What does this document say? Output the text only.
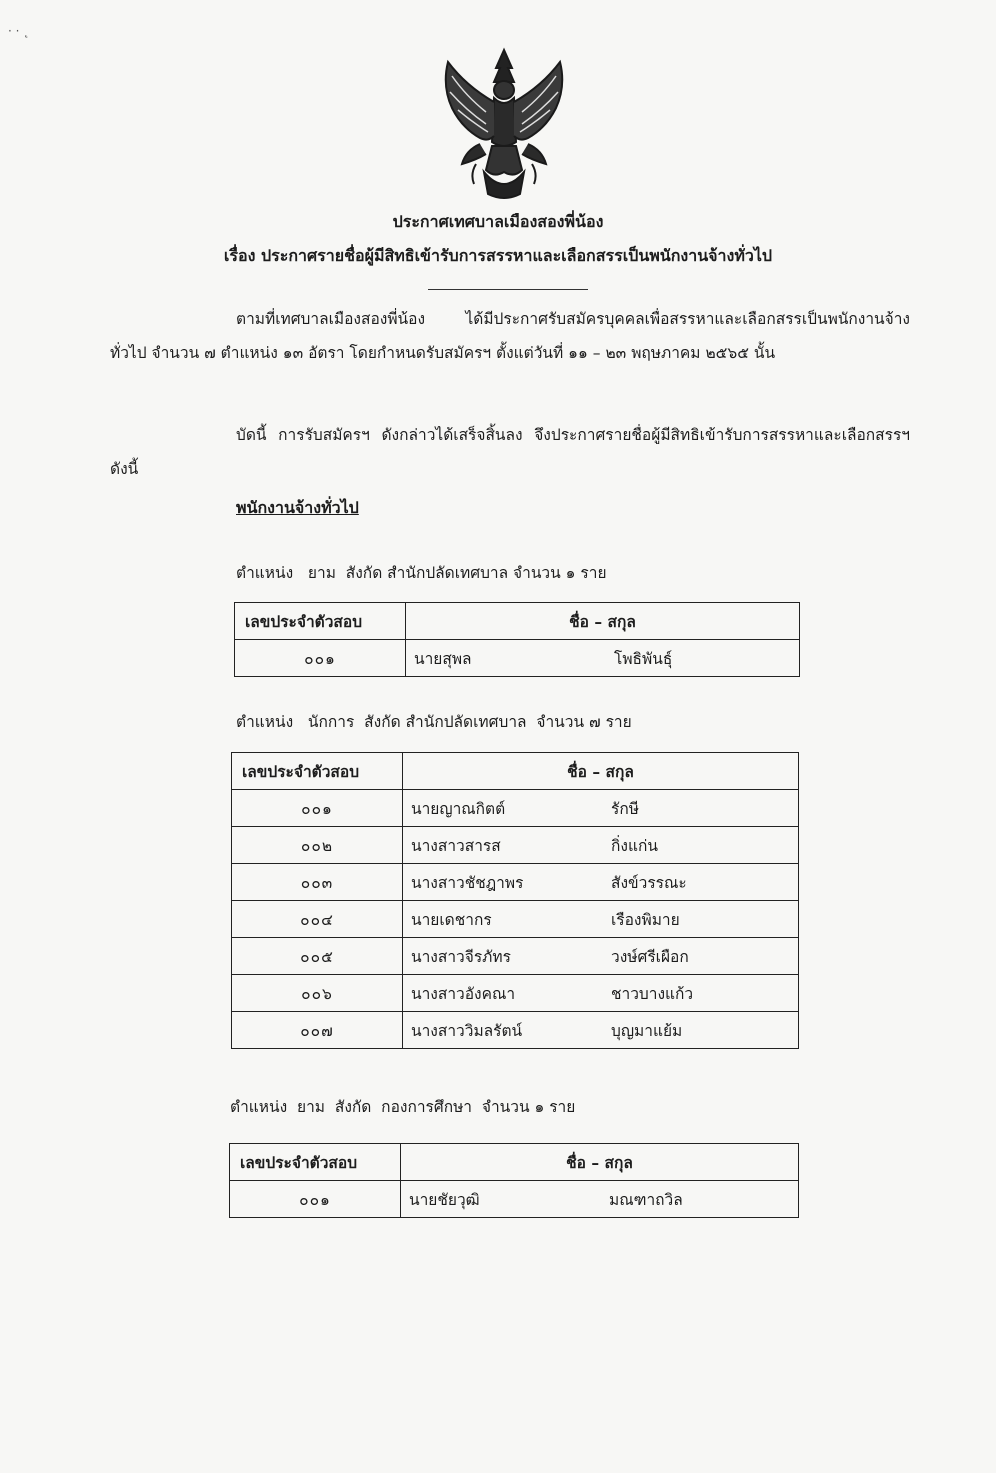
· · ˛
ประกาศเทศบาลเมืองสองพี่น้อง
เรื่อง ประกาศรายชื่อผู้มีสิทธิเข้ารับการสรรหาและเลือกสรรเป็นพนักงานจ้างทั่วไป
ตามที่เทศบาลเมืองสองพี่น้อง ได้มีประกาศรับสมัครบุคคลเพื่อสรรหาและเลือกสรรเป็นพนักงานจ้างทั่วไป จำนวน ๗ ตำแหน่ง ๑๓ อัตรา โดยกำหนดรับสมัครฯ ตั้งแต่วันที่ ๑๑ – ๒๓ พฤษภาคม ๒๕๖๕ นั้น
บัดนี้ การรับสมัครฯ ดังกล่าวได้เสร็จสิ้นลง จึงประกาศรายชื่อผู้มีสิทธิเข้ารับการสรรหาและเลือกสรรฯ ดังนี้
พนักงานจ้างทั่วไป
ตำแหน่ง   ยาม  สังกัด สำนักปลัดเทศบาล จำนวน ๑ ราย
เลขประจำตัวสอบ	ชื่อ – สกุล
๐๐๑	นายสุพล โพธิพันธุ์
ตำแหน่ง   นักการ  สังกัด สำนักปลัดเทศบาล  จำนวน ๗ ราย
เลขประจำตัวสอบ	ชื่อ – สกุล
๐๐๑	นายญาณกิตต์ รักษี
๐๐๒	นางสาวสารส กิ่งแก่น
๐๐๓	นางสาวชัชฎาพร สังข์วรรณะ
๐๐๔	นายเดชากร เรืองพิมาย
๐๐๕	นางสาวจีรภัทร วงษ์ศรีเผือก
๐๐๖	นางสาวอังคณา ชาวบางแก้ว
๐๐๗	นางสาววิมลรัตน์ บุญมาแย้ม
ตำแหน่ง  ยาม  สังกัด  กองการศึกษา  จำนวน ๑ ราย
เลขประจำตัวสอบ	ชื่อ – สกุล
๐๐๑	นายชัยวุฒิ มณฑาถวิล
